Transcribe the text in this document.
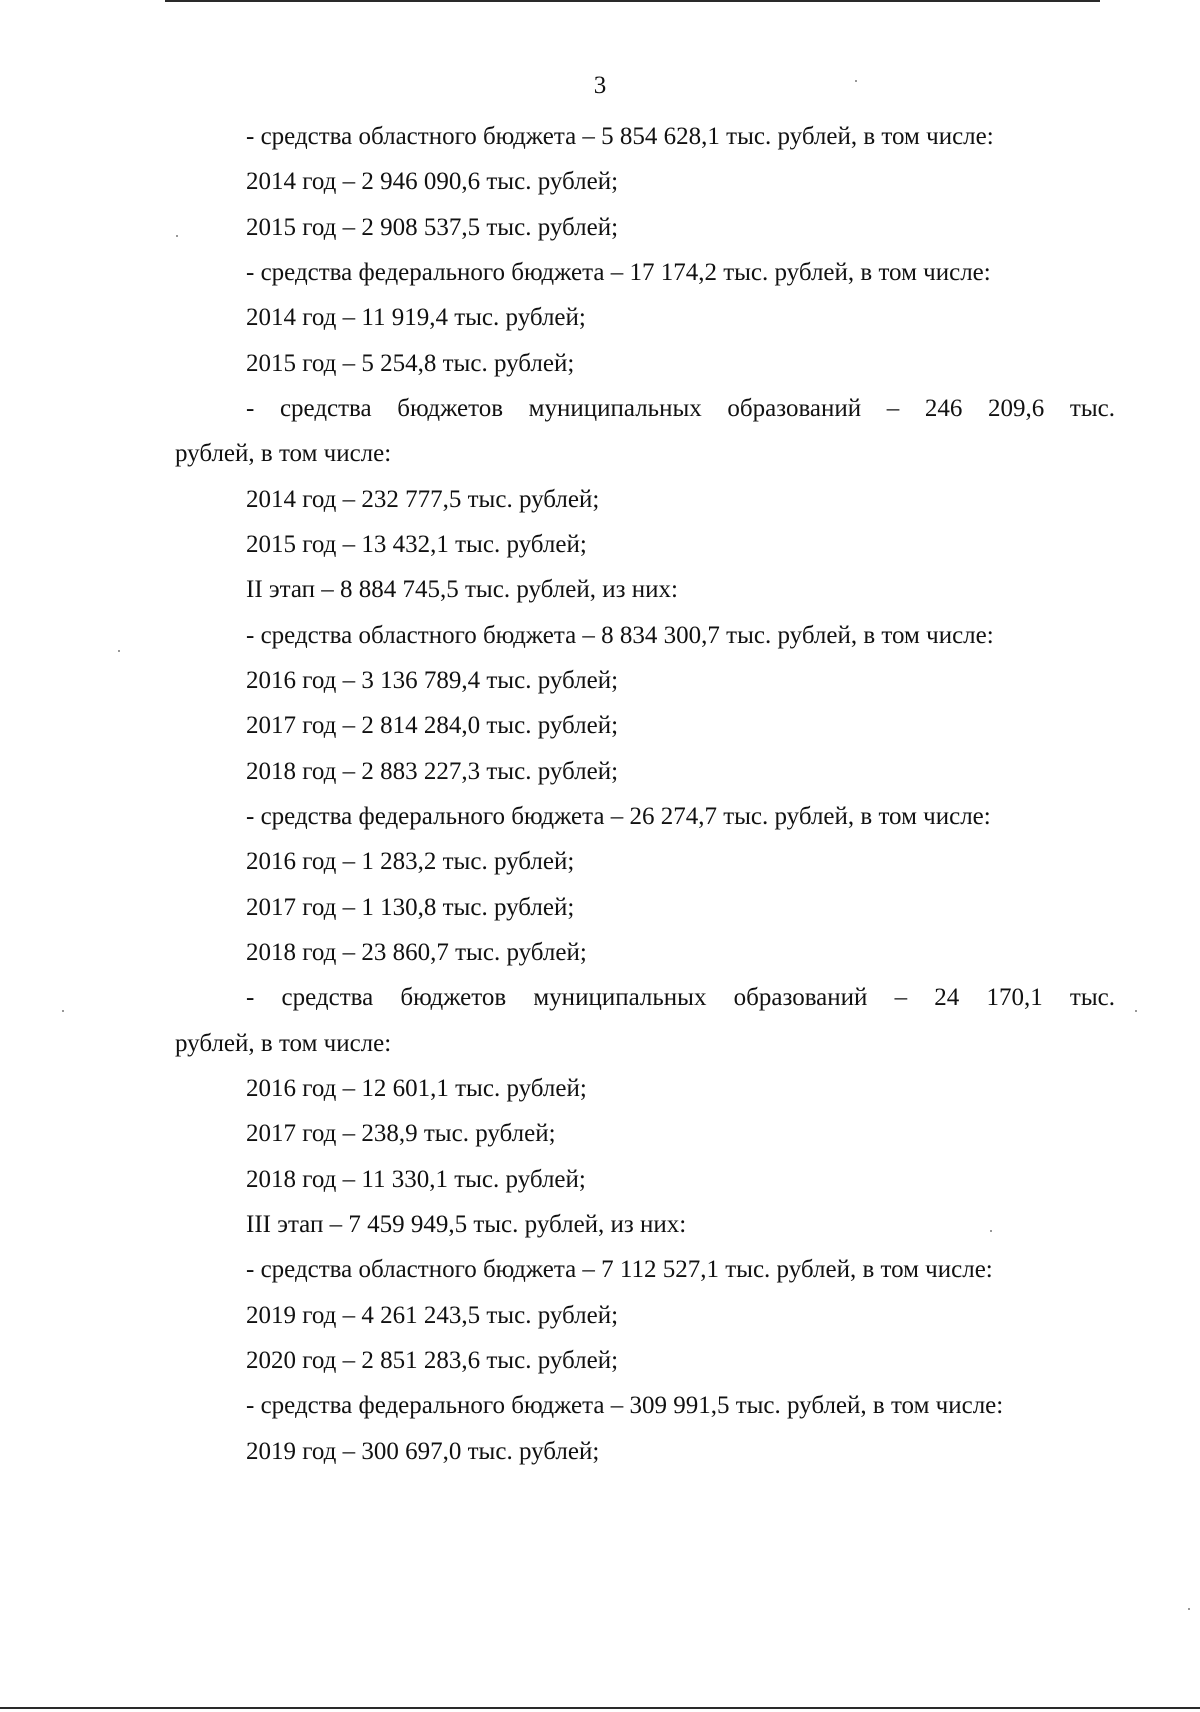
3
- средства областного бюджета – 5 854 628,1 тыс. рублей, в том числе:
2014 год – 2 946 090,6 тыс. рублей;
2015 год – 2 908 537,5 тыс. рублей;
- средства федерального бюджета – 17 174,2 тыс. рублей, в том числе:
2014 год – 11 919,4 тыс. рублей;
2015 год – 5 254,8 тыс. рублей;
- средства бюджетов муниципальных образований – 246 209,6 тыс.
рублей, в том числе:
2014 год – 232 777,5 тыс. рублей;
2015 год – 13 432,1 тыс. рублей;
II этап – 8 884 745,5 тыс. рублей, из них:
- средства областного бюджета – 8 834 300,7 тыс. рублей, в том числе:
2016 год – 3 136 789,4 тыс. рублей;
2017 год – 2 814 284,0 тыс. рублей;
2018 год – 2 883 227,3 тыс. рублей;
- средства федерального бюджета – 26 274,7 тыс. рублей, в том числе:
2016 год – 1 283,2 тыс. рублей;
2017 год – 1 130,8 тыс. рублей;
2018 год – 23 860,7 тыс. рублей;
- средства бюджетов муниципальных образований – 24 170,1 тыс.
рублей, в том числе:
2016 год – 12 601,1 тыс. рублей;
2017 год – 238,9 тыс. рублей;
2018 год – 11 330,1 тыс. рублей;
III этап – 7 459 949,5 тыс. рублей, из них:
- средства областного бюджета – 7 112 527,1 тыс. рублей, в том числе:
2019 год – 4 261 243,5 тыс. рублей;
2020 год – 2 851 283,6 тыс. рублей;
- средства федерального бюджета – 309 991,5 тыс. рублей, в том числе:
2019 год – 300 697,0 тыс. рублей;
